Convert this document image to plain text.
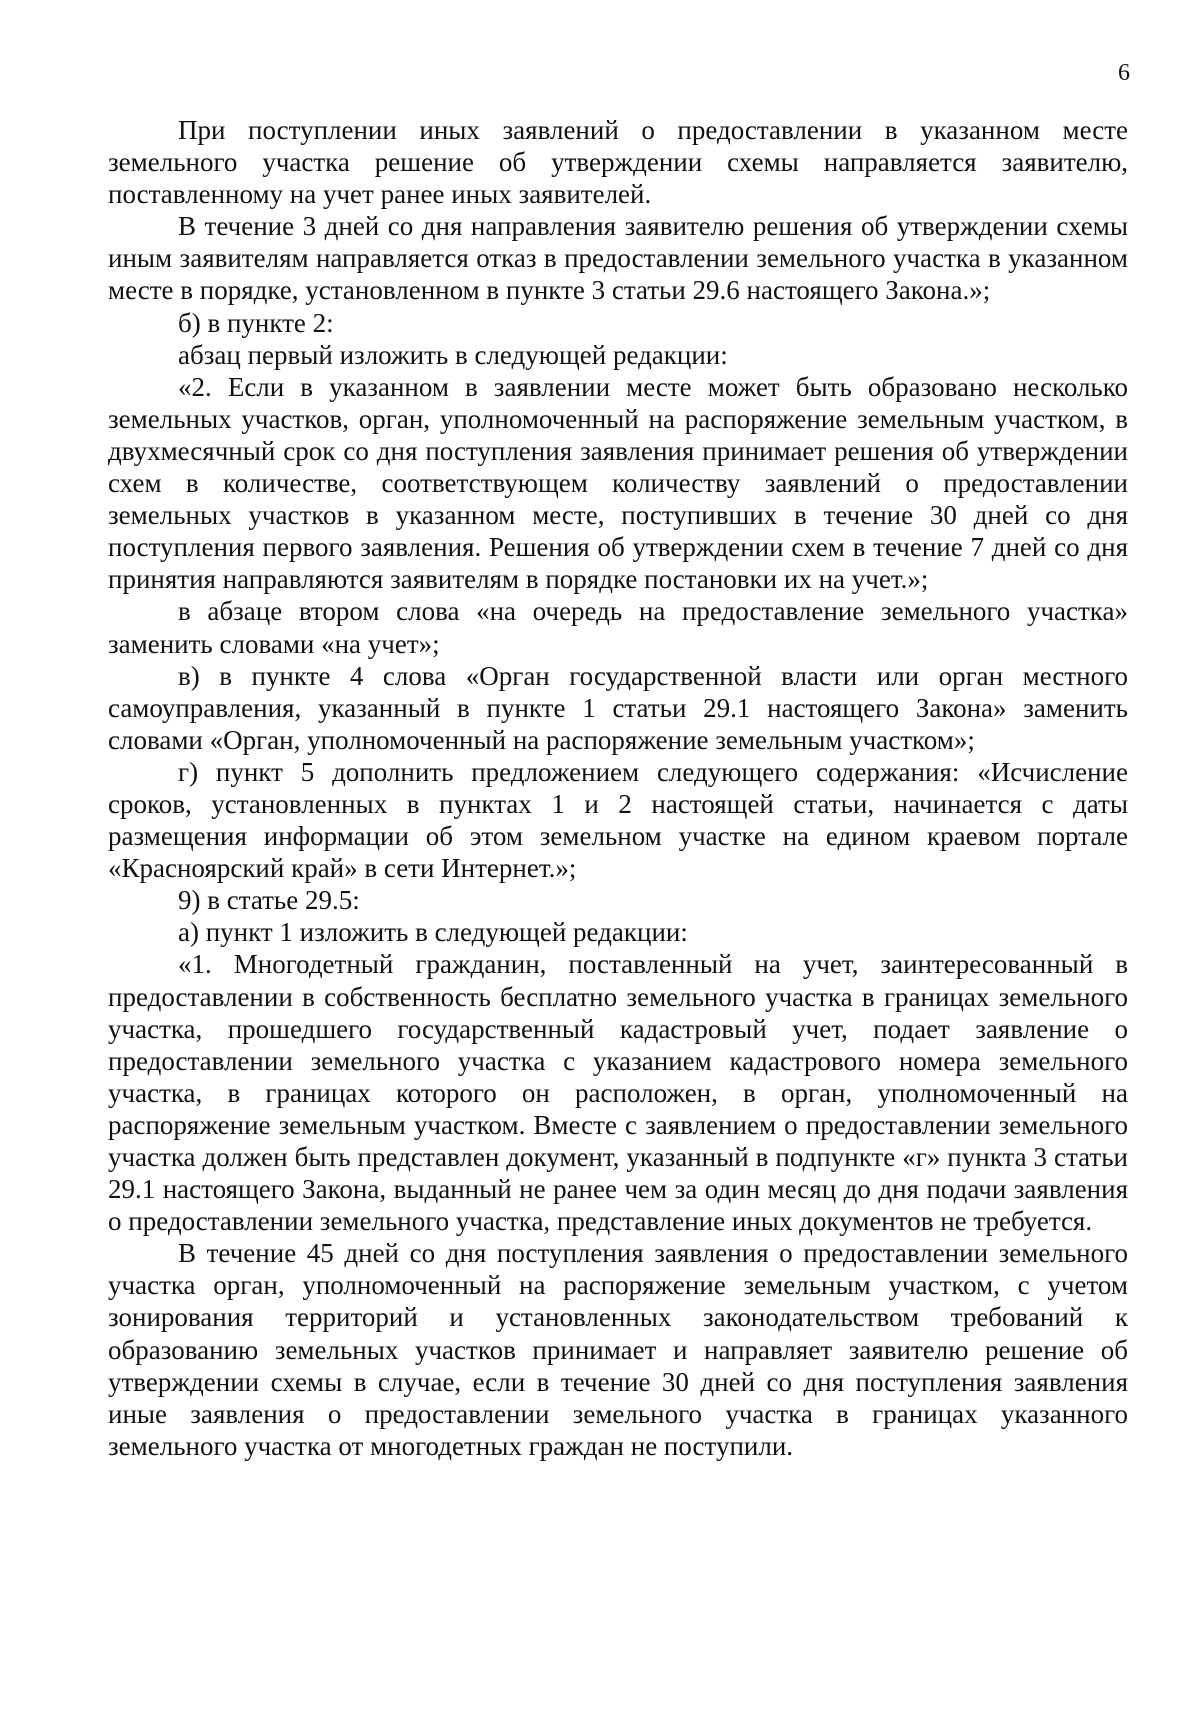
6

При поступлении иных заявлений о предоставлении в указанном месте земельного участка решение об утверждении схемы направляется заявителю, поставленному на учет ранее иных заявителей.

В течение 3 дней со дня направления заявителю решения об утверждении схемы иным заявителям направляется отказ в предоставлении земельного участка в указанном месте в порядке, установленном в пункте 3 статьи 29.6 настоящего Закона.»;

б) в пункте 2:

абзац первый изложить в следующей редакции:

«2. Если в указанном в заявлении месте может быть образовано несколько земельных участков, орган, уполномоченный на распоряжение земельным участком, в двухмесячный срок со дня поступления заявления принимает решения об утверждении схем в количестве, соответствующем количеству заявлений о предоставлении земельных участков в указанном месте, поступивших в течение 30 дней со дня поступления первого заявления. Решения об утверждении схем в течение 7 дней со дня принятия направляются заявителям в порядке постановки их на учет.»;

в абзаце втором слова «на очередь на предоставление земельного участка» заменить словами «на учет»;

в) в пункте 4 слова «Орган государственной власти или орган местного самоуправления, указанный в пункте 1 статьи 29.1 настоящего Закона» заменить словами «Орган, уполномоченный на распоряжение земельным участком»;

г) пункт 5 дополнить предложением следующего содержания: «Исчисление сроков, установленных в пунктах 1 и 2 настоящей статьи, начинается с даты размещения информации об этом земельном участке на едином краевом портале «Красноярский край» в сети Интернет.»;

9) в статье 29.5:

а) пункт 1 изложить в следующей редакции:

«1. Многодетный гражданин, поставленный на учет, заинтересованный в предоставлении в собственность бесплатно земельного участка в границах земельного участка, прошедшего государственный кадастровый учет, подает заявление о предоставлении земельного участка с указанием кадастрового номера земельного участка, в границах которого он расположен, в орган, уполномоченный на распоряжение земельным участком. Вместе с заявлением о предоставлении земельного участка должен быть представлен документ, указанный в подпункте «г» пункта 3 статьи 29.1 настоящего Закона, выданный не ранее чем за один месяц до дня подачи заявления о предоставлении земельного участка, представление иных документов не требуется.

В течение 45 дней со дня поступления заявления о предоставлении земельного участка орган, уполномоченный на распоряжение земельным участком, с учетом зонирования территорий и установленных законодательством требований к образованию земельных участков принимает и направляет заявителю решение об утверждении схемы в случае, если в течение 30 дней со дня поступления заявления иные заявления о предоставлении земельного участка в границах указанного земельного участка от многодетных граждан не поступили.
